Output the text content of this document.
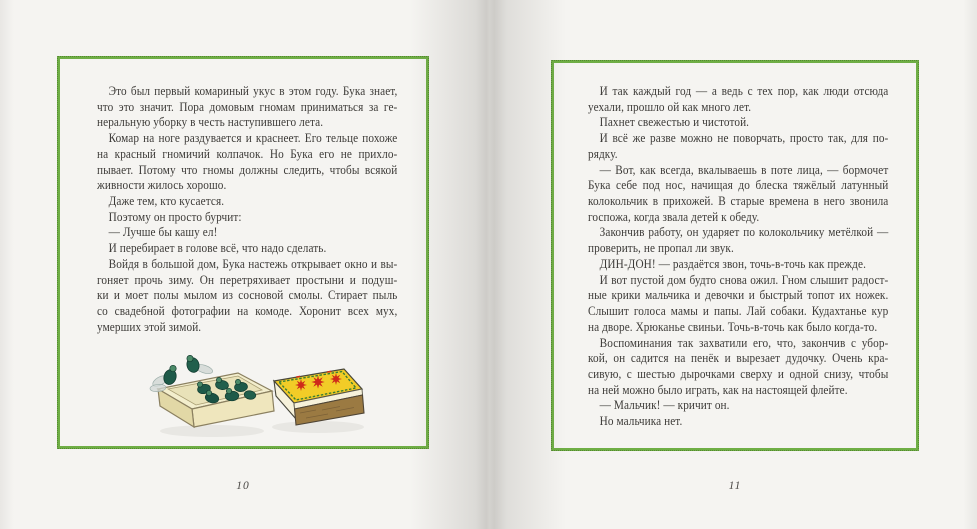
Это был первый комариный укус в этом году. Бука знает,
что это значит. Пора домовым гномам приниматься за ге-
неральную уборку в честь наступившего лета.
Комар на ноге раздувается и краснеет. Его тельце похоже
на красный гномичий колпачок. Но Бука его не прихло-
пывает. Потому что гномы должны следить, чтобы всякой
живности жилось хорошо.
Даже тем, кто кусается.
Поэтому он просто бурчит:
— Лучше бы кашу ел!
И перебирает в голове всё, что надо сделать.
Войдя в большой дом, Бука настежь открывает окно и вы-
гоняет прочь зиму. Он перетряхивает простыни и подуш-
ки и моет полы мылом из сосновой смолы. Стирает пыль
со свадебной фотографии на комоде. Хоронит всех мух,
умерших этой зимой.
10
И так каждый год — а ведь с тех пор, как люди отсюда
уехали, прошло ой как много лет.
Пахнет свежестью и чистотой.
И всё же разве можно не поворчать, просто так, для по-
рядку.
— Вот, как всегда, вкалываешь в поте лица, — бормочет
Бука себе под нос, начищая до блеска тяжёлый латунный
колокольчик в прихожей. В старые времена в него звонила
госпожа, когда звала детей к обеду.
Закончив работу, он ударяет по колокольчику метёлкой —
проверить, не пропал ли звук.
ДИН-ДОН! — раздаётся звон, точь-в-точь как прежде.
И вот пустой дом будто снова ожил. Гном слышит радост-
ные крики мальчика и девочки и быстрый топот их ножек.
Слышит голоса мамы и папы. Лай собаки. Кудахтанье кур
на дворе. Хрюканье свиньи. Точь-в-точь как было когда-то.
Воспоминания так захватили его, что, закончив с убор-
кой, он садится на пенёк и вырезает дудочку. Очень кра-
сивую, с шестью дырочками сверху и одной снизу, чтобы
на ней можно было играть, как на настоящей флейте.
— Мальчик! — кричит он.
Но мальчика нет.
11
